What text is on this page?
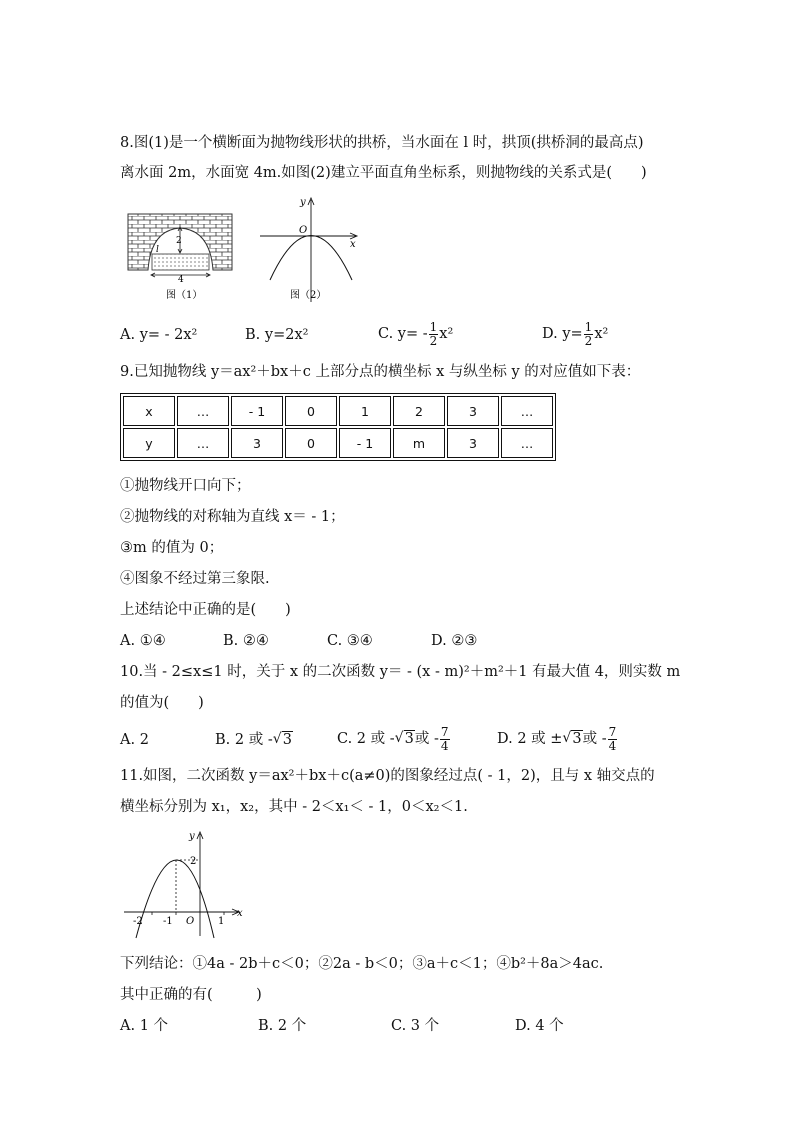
8.图(1)是一个横断面为抛物线形状的拱桥，当水面在 l 时，拱顶(拱桥洞的最高点)
离水面 2m，水面宽 4m.如图(2)建立平面直角坐标系，则抛物线的关系式是(　　)
2
l
4
图（1）
y
O
x
图（2）
A. y= - 2x²	B. y=2x²	C. $y= - \frac{1}{2} x^2$	D. $y= \frac{1}{2} x^2$
9.已知抛物线 y＝ax²＋bx＋c 上部分点的横坐标 x 与纵坐标 y 的对应值如下表：
x	…	- 1	0	1	2	3	…
y	…	3	0	- 1	m	3	…
①抛物线开口向下；
②抛物线的对称轴为直线 x＝ - 1；
③m 的值为 0；
④图象不经过第三象限.
上述结论中正确的是(　　)
A. ①④	B. ②④	C. ③④	D. ②③
10.当 - 2≤x≤1 时，关于 x 的二次函数 y＝ - (x - m)²＋m²＋1 有最大值 4，则实数 m
的值为(　　)
A. 2	B. 2 或 - √ 3	C. 2 或 - √ 3或 - $\frac{7}{4}$	D. 2 或 ± √ 3或 - $\frac{7}{4}$
11.如图，二次函数 y＝ax²＋bx＋c(a≠0)的图象经过点( - 1，2)，且与 x 轴交点的
横坐标分别为 x₁，x₂，其中 - 2＜x₁＜ - 1，0＜x₂＜1.
y
2
-2 -1 O 1
x
下列结论：①4a - 2b＋c＜0；②2a - b＜0；③a＋c＜1；④b²＋8a＞4ac.
其中正确的有(　　　)
A. 1 个	B. 2 个	C. 3 个	D. 4 个
